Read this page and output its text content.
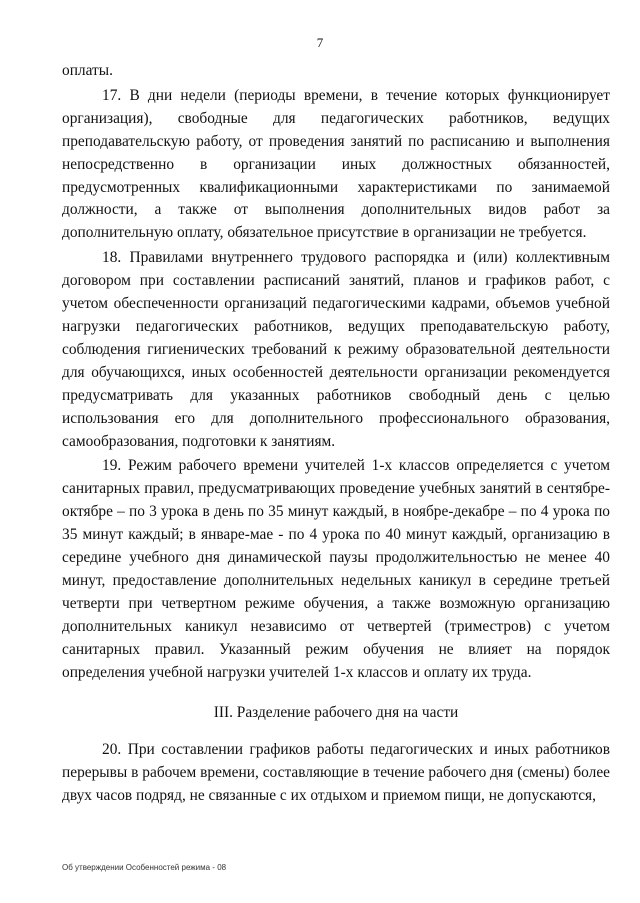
7

оплаты.

17. В дни недели (периоды времени, в течение которых функционирует организация), свободные для педагогических работников, ведущих преподавательскую работу, от проведения занятий по расписанию и выполнения непосредственно в организации иных должностных обязанностей, предусмотренных квалификационными характеристиками по занимаемой должности, а также от выполнения дополнительных видов работ за дополнительную оплату, обязательное присутствие в организации не требуется.

18. Правилами внутреннего трудового распорядка и (или) коллективным договором при составлении расписаний занятий, планов и графиков работ, с учетом обеспеченности организаций педагогическими кадрами, объемов учебной нагрузки педагогических работников, ведущих преподавательскую работу, соблюдения гигиенических требований к режиму образовательной деятельности для обучающихся, иных особенностей деятельности организации рекомендуется предусматривать для указанных работников свободный день с целью использования его для дополнительного профессионального образования, самообразования, подготовки к занятиям.

19. Режим рабочего времени учителей 1-х классов определяется с учетом санитарных правил, предусматривающих проведение учебных занятий в сентябре-октябре – по 3 урока в день по 35 минут каждый, в ноябре-декабре – по 4 урока по 35 минут каждый; в январе-мае - по 4 урока по 40 минут каждый, организацию в середине учебного дня динамической паузы продолжительностью не менее 40 минут, предоставление дополнительных недельных каникул в середине третьей четверти при четвертном режиме обучения, а также возможную организацию дополнительных каникул независимо от четвертей (триместров) с учетом санитарных правил. Указанный режим обучения не влияет на порядок определения учебной нагрузки учителей 1-х классов и оплату их труда.

III. Разделение рабочего дня на части

20. При составлении графиков работы педагогических и иных работников перерывы в рабочем времени, составляющие в течение рабочего дня (смены) более двух часов подряд, не связанные с их отдыхом и приемом пищи, не допускаются,

Об утверждении Особенностей режима - 08
